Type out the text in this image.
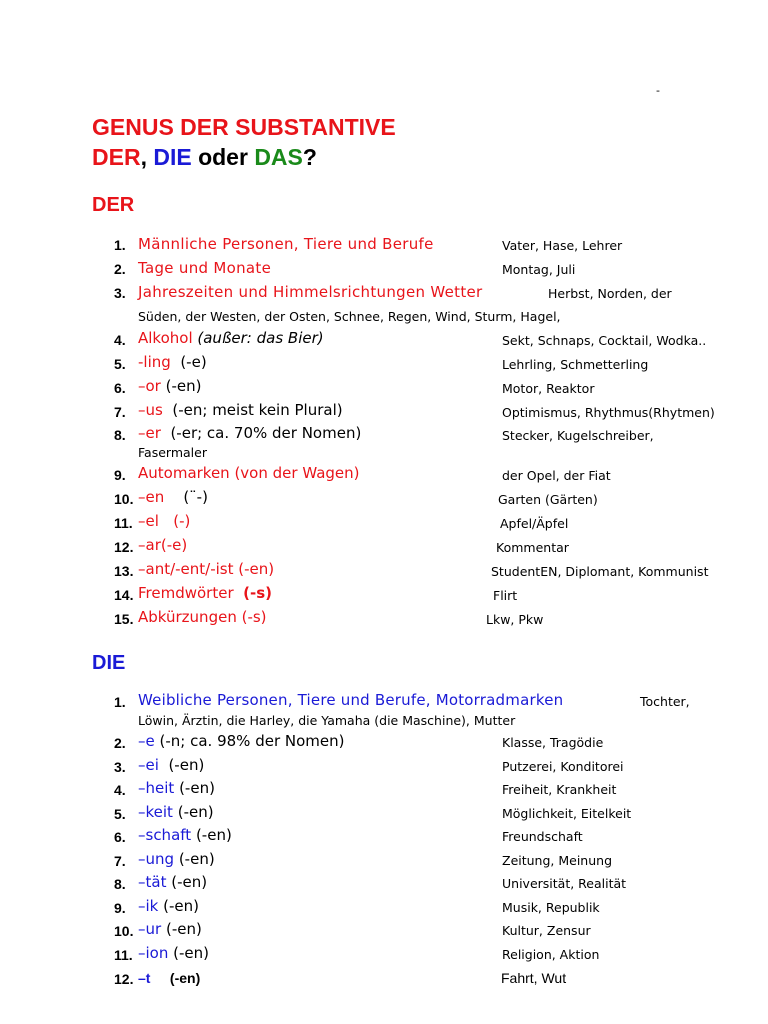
-
GENUS DER SUBSTANTIVE
DER, DIE oder DAS?
DER
1. Männliche Personen, Tiere und Berufe	Vater, Hase, Lehrer
2. Tage und Monate	Montag, Juli
3. Jahreszeiten und Himmelsrichtungen Wetter	Herbst, Norden, der
Süden, der Westen, der Osten, Schnee, Regen, Wind, Sturm, Hagel,
4. Alkohol (außer: das Bier)	Sekt, Schnaps, Cocktail, Wodka..
5. -ling (-e)	Lehrling, Schmetterling
6. –or (-en)	Motor, Reaktor
7. –us (-en; meist kein Plural)	Optimismus, Rhythmus(Rhytmen)
8. –er (-er; ca. 70% der Nomen)	Stecker, Kugelschreiber,
Fasermaler
9. Automarken (von der Wagen)	der Opel, der Fiat
10. –en (¨-)	Garten (Gärten)
11. –el (-)	Apfel/Äpfel
12. –ar(-e)	Kommentar
13. –ant/-ent/-ist (-en)	StudentEN, Diplomant, Kommunist
14. Fremdwörter (-s)	Flirt
15. Abkürzungen (-s)	Lkw, Pkw
DIE
1. Weibliche Personen, Tiere und Berufe, Motorradmarken	Tochter,
Löwin, Ärztin, die Harley, die Yamaha (die Maschine), Mutter
2. –e (-n; ca. 98% der Nomen)	Klasse, Tragödie
3. –ei (-en)	Putzerei, Konditorei
4. –heit (-en)	Freiheit, Krankheit
5. –keit (-en)	Möglichkeit, Eitelkeit
6. –schaft (-en)	Freundschaft
7. –ung (-en)	Zeitung, Meinung
8. –tät (-en)	Universität, Realität
9. –ik (-en)	Musik, Republik
10. –ur (-en)	Kultur, Zensur
11. –ion (-en)	Religion, Aktion
12. –t (-en)	Fahrt, Wut
